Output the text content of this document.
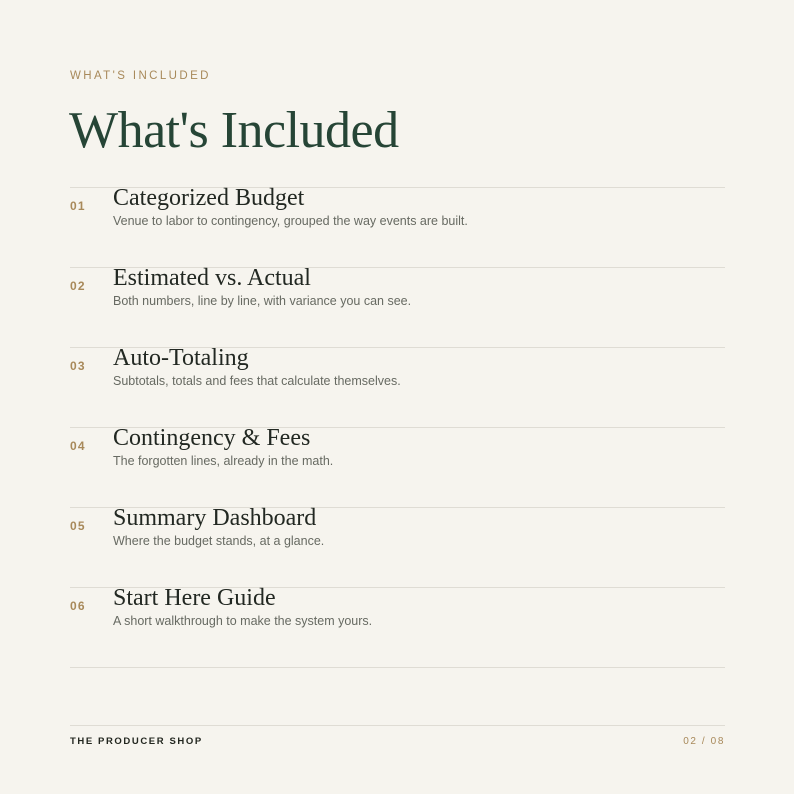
WHAT'S INCLUDED
What's Included
01 Categorized Budget
Venue to labor to contingency, grouped the way events are built.
02 Estimated vs. Actual
Both numbers, line by line, with variance you can see.
03 Auto-Totaling
Subtotals, totals and fees that calculate themselves.
04 Contingency & Fees
The forgotten lines, already in the math.
05 Summary Dashboard
Where the budget stands, at a glance.
06 Start Here Guide
A short walkthrough to make the system yours.
THE PRODUCER SHOP	02 / 08
